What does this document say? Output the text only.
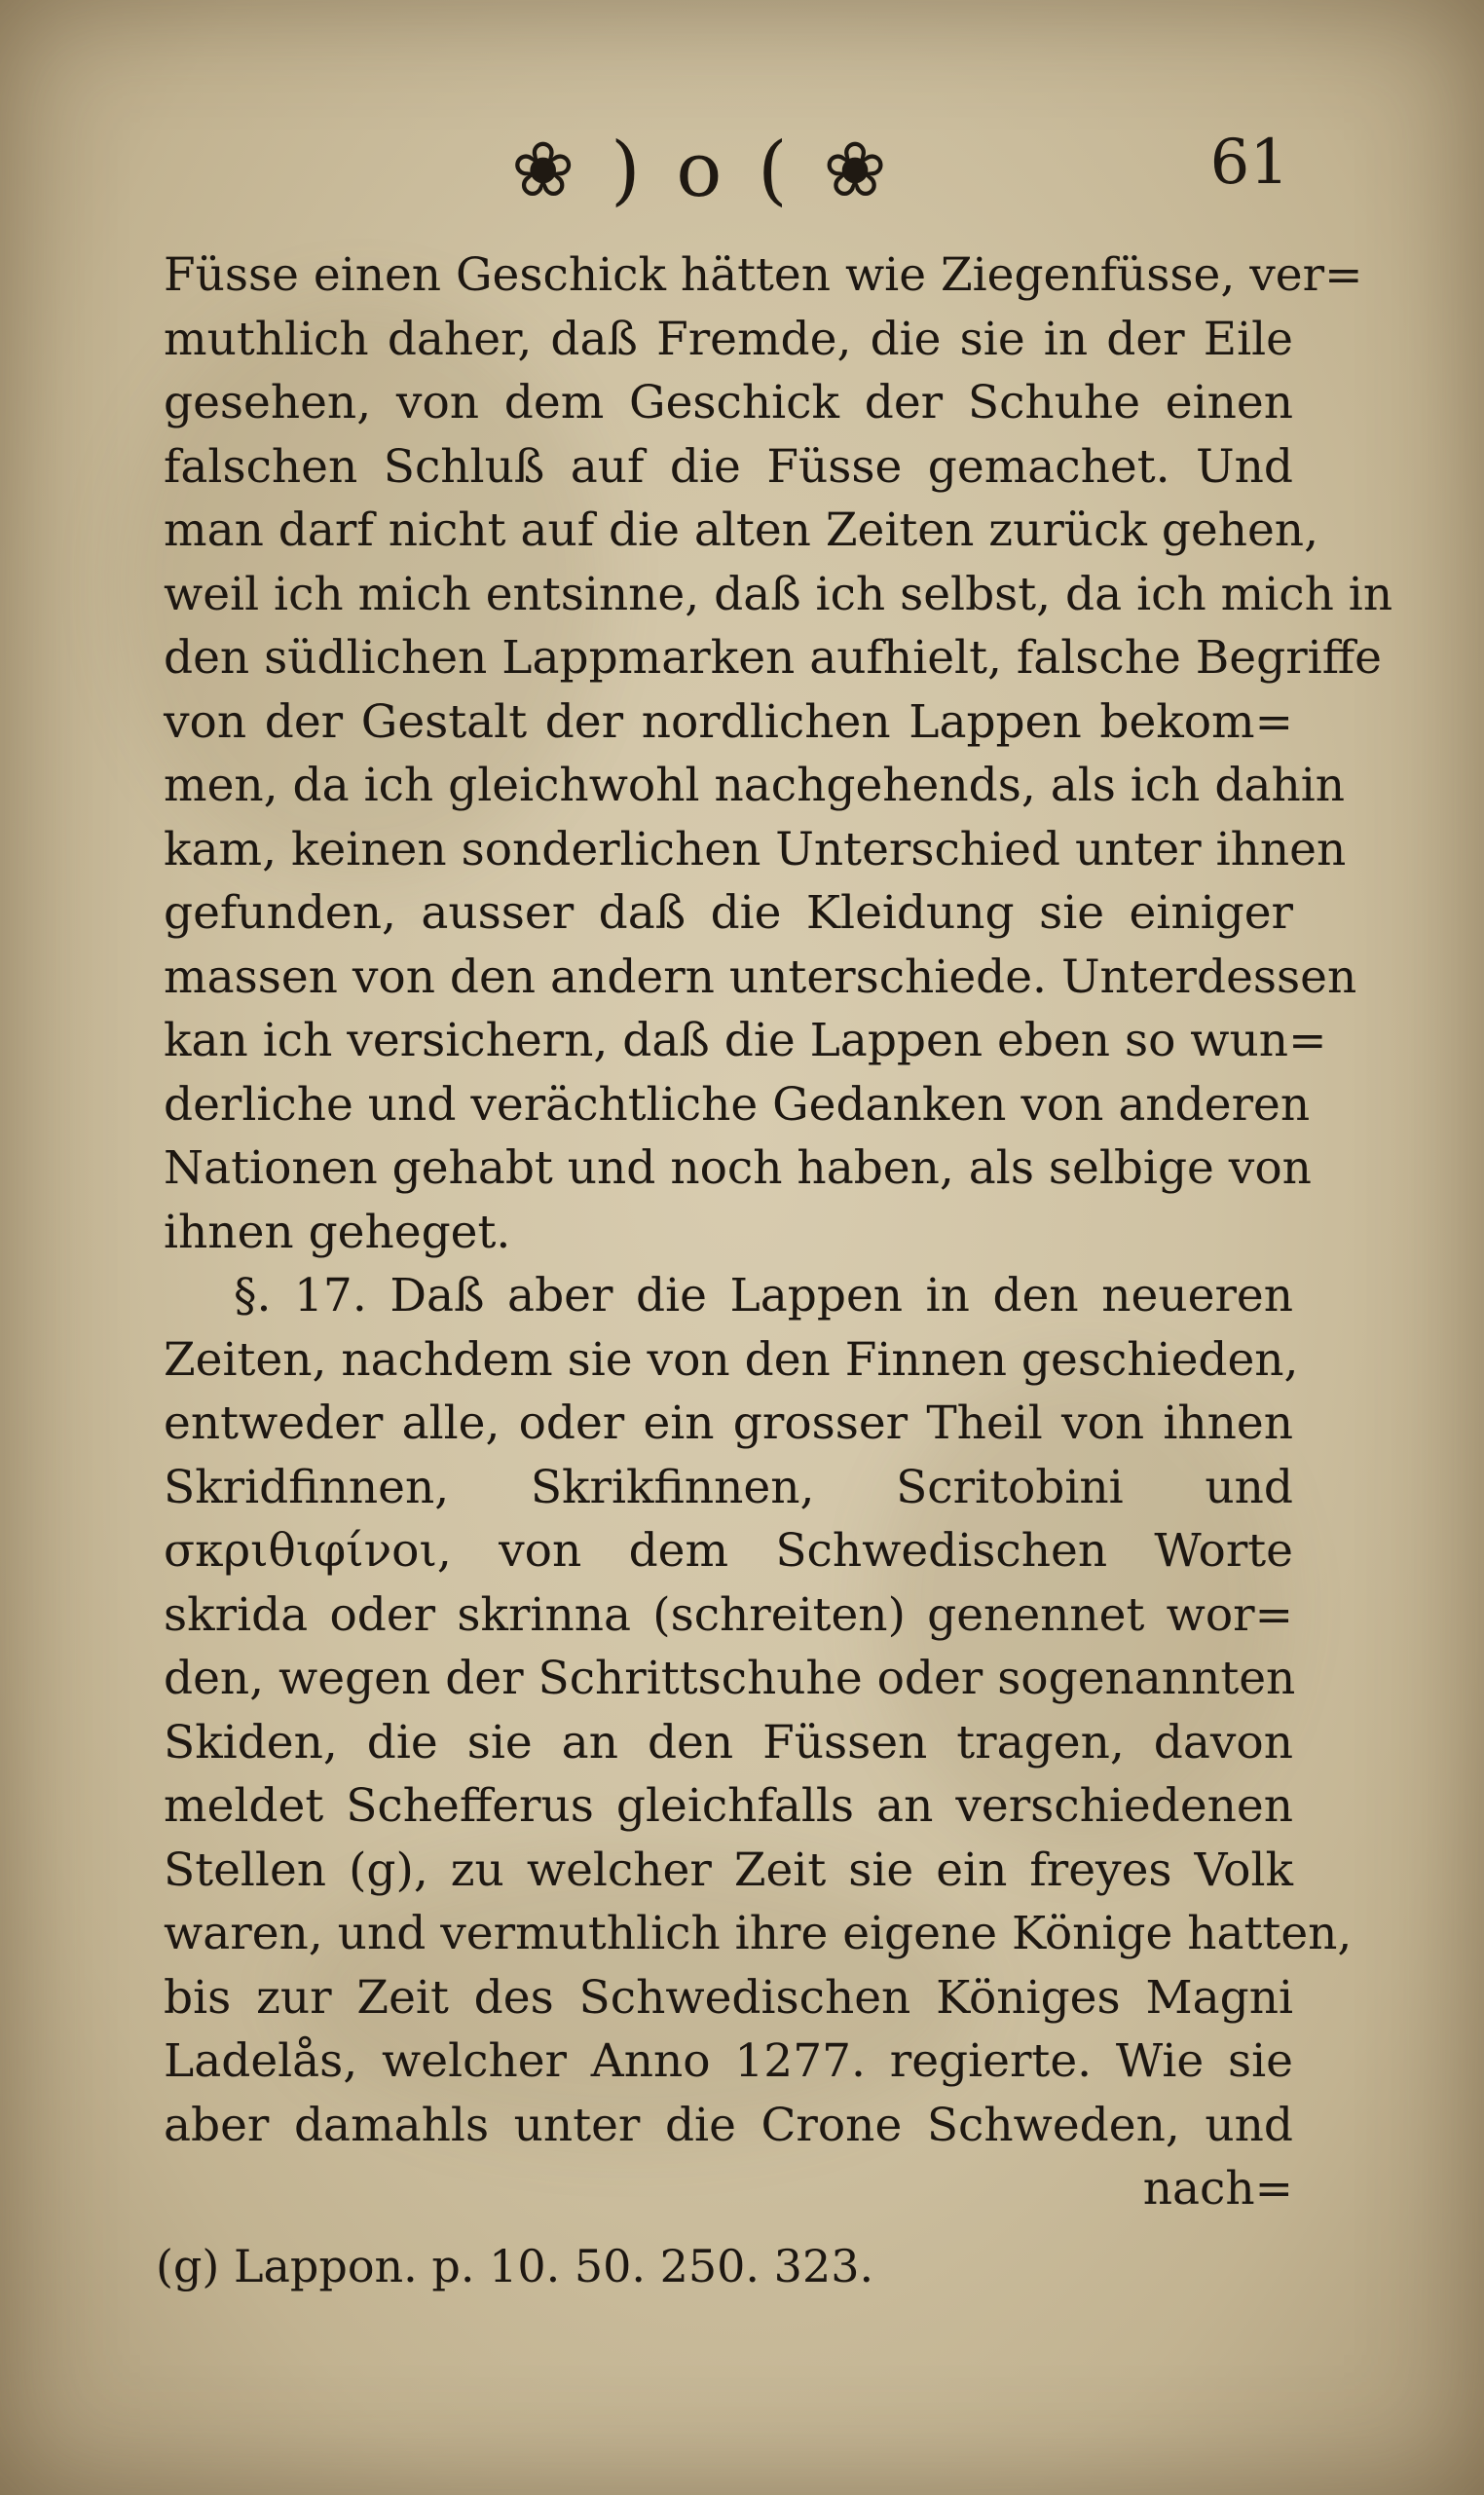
❀ ) o ( ❀	61
Füsse einen Geschick hätten wie Ziegenfüsse, ver=
muthlich daher, daß Fremde, die sie in der Eile
gesehen, von dem Geschick der Schuhe einen
falschen Schluß auf die Füsse gemachet. Und
man darf nicht auf die alten Zeiten zurück gehen,
weil ich mich entsinne, daß ich selbst, da ich mich in
den südlichen Lappmarken aufhielt, falsche Begriffe
von der Gestalt der nordlichen Lappen bekom=
men, da ich gleichwohl nachgehends, als ich dahin
kam, keinen sonderlichen Unterschied unter ihnen
gefunden, ausser daß die Kleidung sie einiger
massen von den andern unterschiede. Unterdessen
kan ich versichern, daß die Lappen eben so wun=
derliche und verächtliche Gedanken von anderen
Nationen gehabt und noch haben, als selbige von
ihnen geheget.
§. 17. Daß aber die Lappen in den neueren
Zeiten, nachdem sie von den Finnen geschieden,
entweder alle, oder ein grosser Theil von ihnen
Skridfinnen, Skrikfinnen, Scritobini und
σκριθιφίνοι, von dem Schwedischen Worte
skrida oder skrinna (schreiten) genennet wor=
den, wegen der Schrittschuhe oder sogenannten
Skiden, die sie an den Füssen tragen, davon
meldet Schefferus gleichfalls an verschiedenen
Stellen (g), zu welcher Zeit sie ein freyes Volk
waren, und vermuthlich ihre eigene Könige hatten,
bis zur Zeit des Schwedischen Königes Magni
Ladelås, welcher Anno 1277. regierte. Wie sie
aber damahls unter die Crone Schweden, und
nach=
(g) Lappon. p. 10. 50. 250. 323.
